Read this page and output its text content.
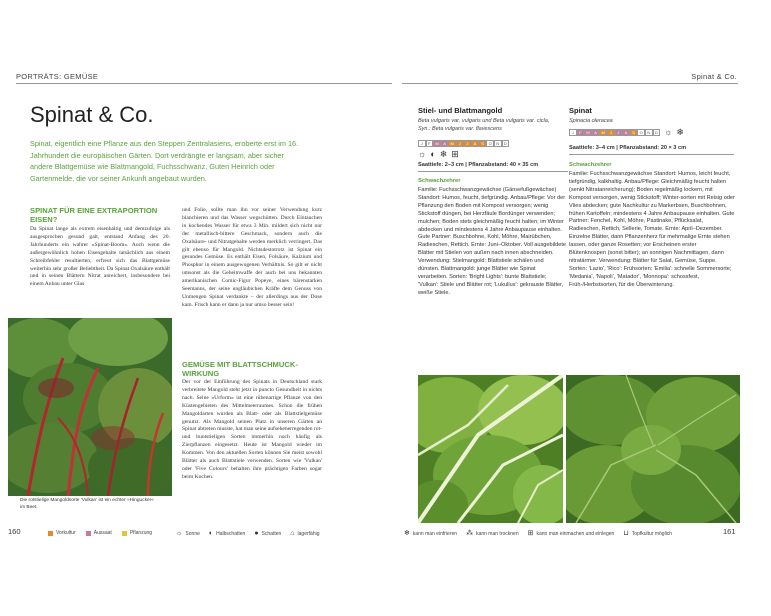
PORTRÄTS: GEMÜSE	Spinat & Co.
Spinat & Co.
Spinat, eigentlich eine Pflanze aus den Steppen Zentralasiens, eroberte erst im 16. Jahrhundert die europäischen Gärten. Dort verdrängte er langsam, aber sicher andere Blattgemüse wie Blattmangold, Fuchsschwanz, Guten Heinrich oder Gartenmelde, die vor seiner Ankunft angebaut wurden.
SPINAT FÜR EINE EXTRAPORTION EISEN?
Da Spinat lange als extrem eisenhaltig und demzufolge als ausgesprochen gesund galt, entstand Anfang des 20. Jahrhunderts ein wahrer »Spinat-Boom«. Auch wenn die außergewöhnlich hohen Eisengehalte tatsächlich aus einem Schreibfehler resultierten, erfreut sich das Blattgemüse weiterhin sehr großer Beliebtheit. Da Spinat Oxalsäure enthält und in seinen Blättern Nitrat anreichert, insbesondere bei einem Anbau unter Glas
und Folie, sollte man ihn vor seiner Verwendung kurz blanchieren und das Wasser wegschütten. Durch Eintauchen in kochendes Wasser für etwa 3 Min. mildert sich nicht nur der metallisch-bittere Geschmack, sondern auch die Oxalsäure- und Nitratgehalte werden merklich verringert. Das gilt ebenso für Mangold. Nichtsdestotrotz ist Spinat ein gesundes Gemüse. Es enthält Eisen, Folsäure, Kalzium und Phosphor in einem ausgewogenen Verhältnis. So gilt er nicht umsonst als die Geheimwaffe der auch bei uns bekannten amerikanischen Comic-Figur Popeye, eines bärenstarken Seemanns, der seine ungläubichen Kräfte dem Genuss von Unmengen Spinat verdankte – der allerdings aus der Dose kam. Frisch kann er dann ja nur umso besser sein!
GEMÜSE MIT BLATTSCHMUCK-WIRKUNG
Der vor der Einführung des Spinats in Deutschland stark verbreitete Mangold steht jetzt in puncto Gesundheit in nichts nach. Seine »Urform« ist eine rübenartige Pflanze von den Küstengebieten des Mittelmeerraumes. Schon die frühen Mangoldarten wurden als Blatt- oder als Blattstielgemüse genutzt. Als Mangold seinen Platz in unseren Gärten an Spinat abtreten musste, hat man seine aufsehenerregenden rot- und buntstieligen Sorten immerhin noch häufig als Zierpflanzen eingesetzt. Heute ist Mangold wieder im Kommen. Von den aktuellen Sorten können Sie meist sowohl Blätter als auch Blattstiele verwenden. Sorten wie 'Vulkan' oder 'Five Colours' behalten ihre prächtigen Farben sogar beim Kochen.
Die rotstielige Mangoldsorte 'Vulkan' ist ein echter »Hingucker« im Beet.
Stiel- und Blattmangold
Beta vulgaris var. vulgaris und Beta vulgaris var. cicla, Syn.: Beta vulgaris var. flavescens
J	F	M	A	M	J	J	A	S	O	N	D
☼ ◐ ❄ ⊞
Saattiefe: 2–3 cm | Pflanzabstand: 40 × 35 cm
Schwachzehrer
Familie: Fuchsschwanzgewächse (Gänsefußgewächse) Standort: Humos, feucht, tiefgründig. Anbau/Pflege: Vor der Pflanzung den Boden mit Kompost versorgen; wenig Stickstoff düngen, bei Herzfäule Bordünger verwenden; mulchen; Boden stets gleichmäßig feucht halten; im Winter abdecken und mindestens 4 Jahre Anbaupause einhalten. Gute Partner: Buschbohne, Kohl, Möhre, Mairübchen, Radieschen, Rettich. Ernte: Juni–Oktober. Voll ausgebildete Blätter mit Stielen von außen nach innen abschneiden. Verwendung: Stielmangold: Blattstiele schälen und dünsten. Blattmangold: junge Blätter wie Spinat verarbeiten. Sorten: 'Bright Lights': bunte Blattstiele; 'Vulkan': Stiele und Blätter rot; 'Lukullus': gekrauste Blätter, weiße Stiele.
Spinat
Spinacia oleracea
J	F	M	A	M	J	J	A	S	O	N	D ☼ ❄
Saattiefe: 3–4 cm | Pflanzabstand: 20 × 3 cm
Schwachzehrer
Familie: Fuchsschwanzgewächse Standort: Humos, leicht feucht, tiefgründig, kalkhaltig. Anbau/Pflege: Gleichmäßig feucht halten (senkt Nitratanreicherung); Boden regelmäßig lockern, mit Kompost versorgen, wenig Stickstoff; Winter-sorten mit Reisig oder Vlies abdecken; gute Nachkultur zu Markerbsen, Buschbohnen, frühen Kartoffeln; mindestens 4 Jahre Anbaupause einhalten. Gute Partner: Fenchel, Kohl, Möhre, Pastinake, Pflücksalat, Radieschen, Rettich, Sellerie, Tomate. Ernte: April–Dezember. Einzelne Blätter, dann Pflanzenherz für mehrmalige Ernte stehen lassen, oder ganze Rosetten; vor Erscheinen erster Blütenknospen (sonst bitter); an sonnigen Nachmittagen, dann nitratärmer. Verwendung: Blätter für Salat, Gemüse, Suppe. Sorten: 'Lazio', 'Rico': Frühsorten; 'Emilia': schnelle Sommersorte; 'Medania', 'Napoli', 'Matador', 'Monnopa': schossfest, Früh-/Herbstsorten, für die Überwinterung.
160	Vorkultur	Aussaat	Pflanzung	☼ Sonne ◐ Halbschatten ● Schatten ⌂ lagerfähig	❄ kann man einfrieren ⁂ kann man trocknen ⊞ kann man einmachen und einlegen ⊔ Topfkultur möglich	161
